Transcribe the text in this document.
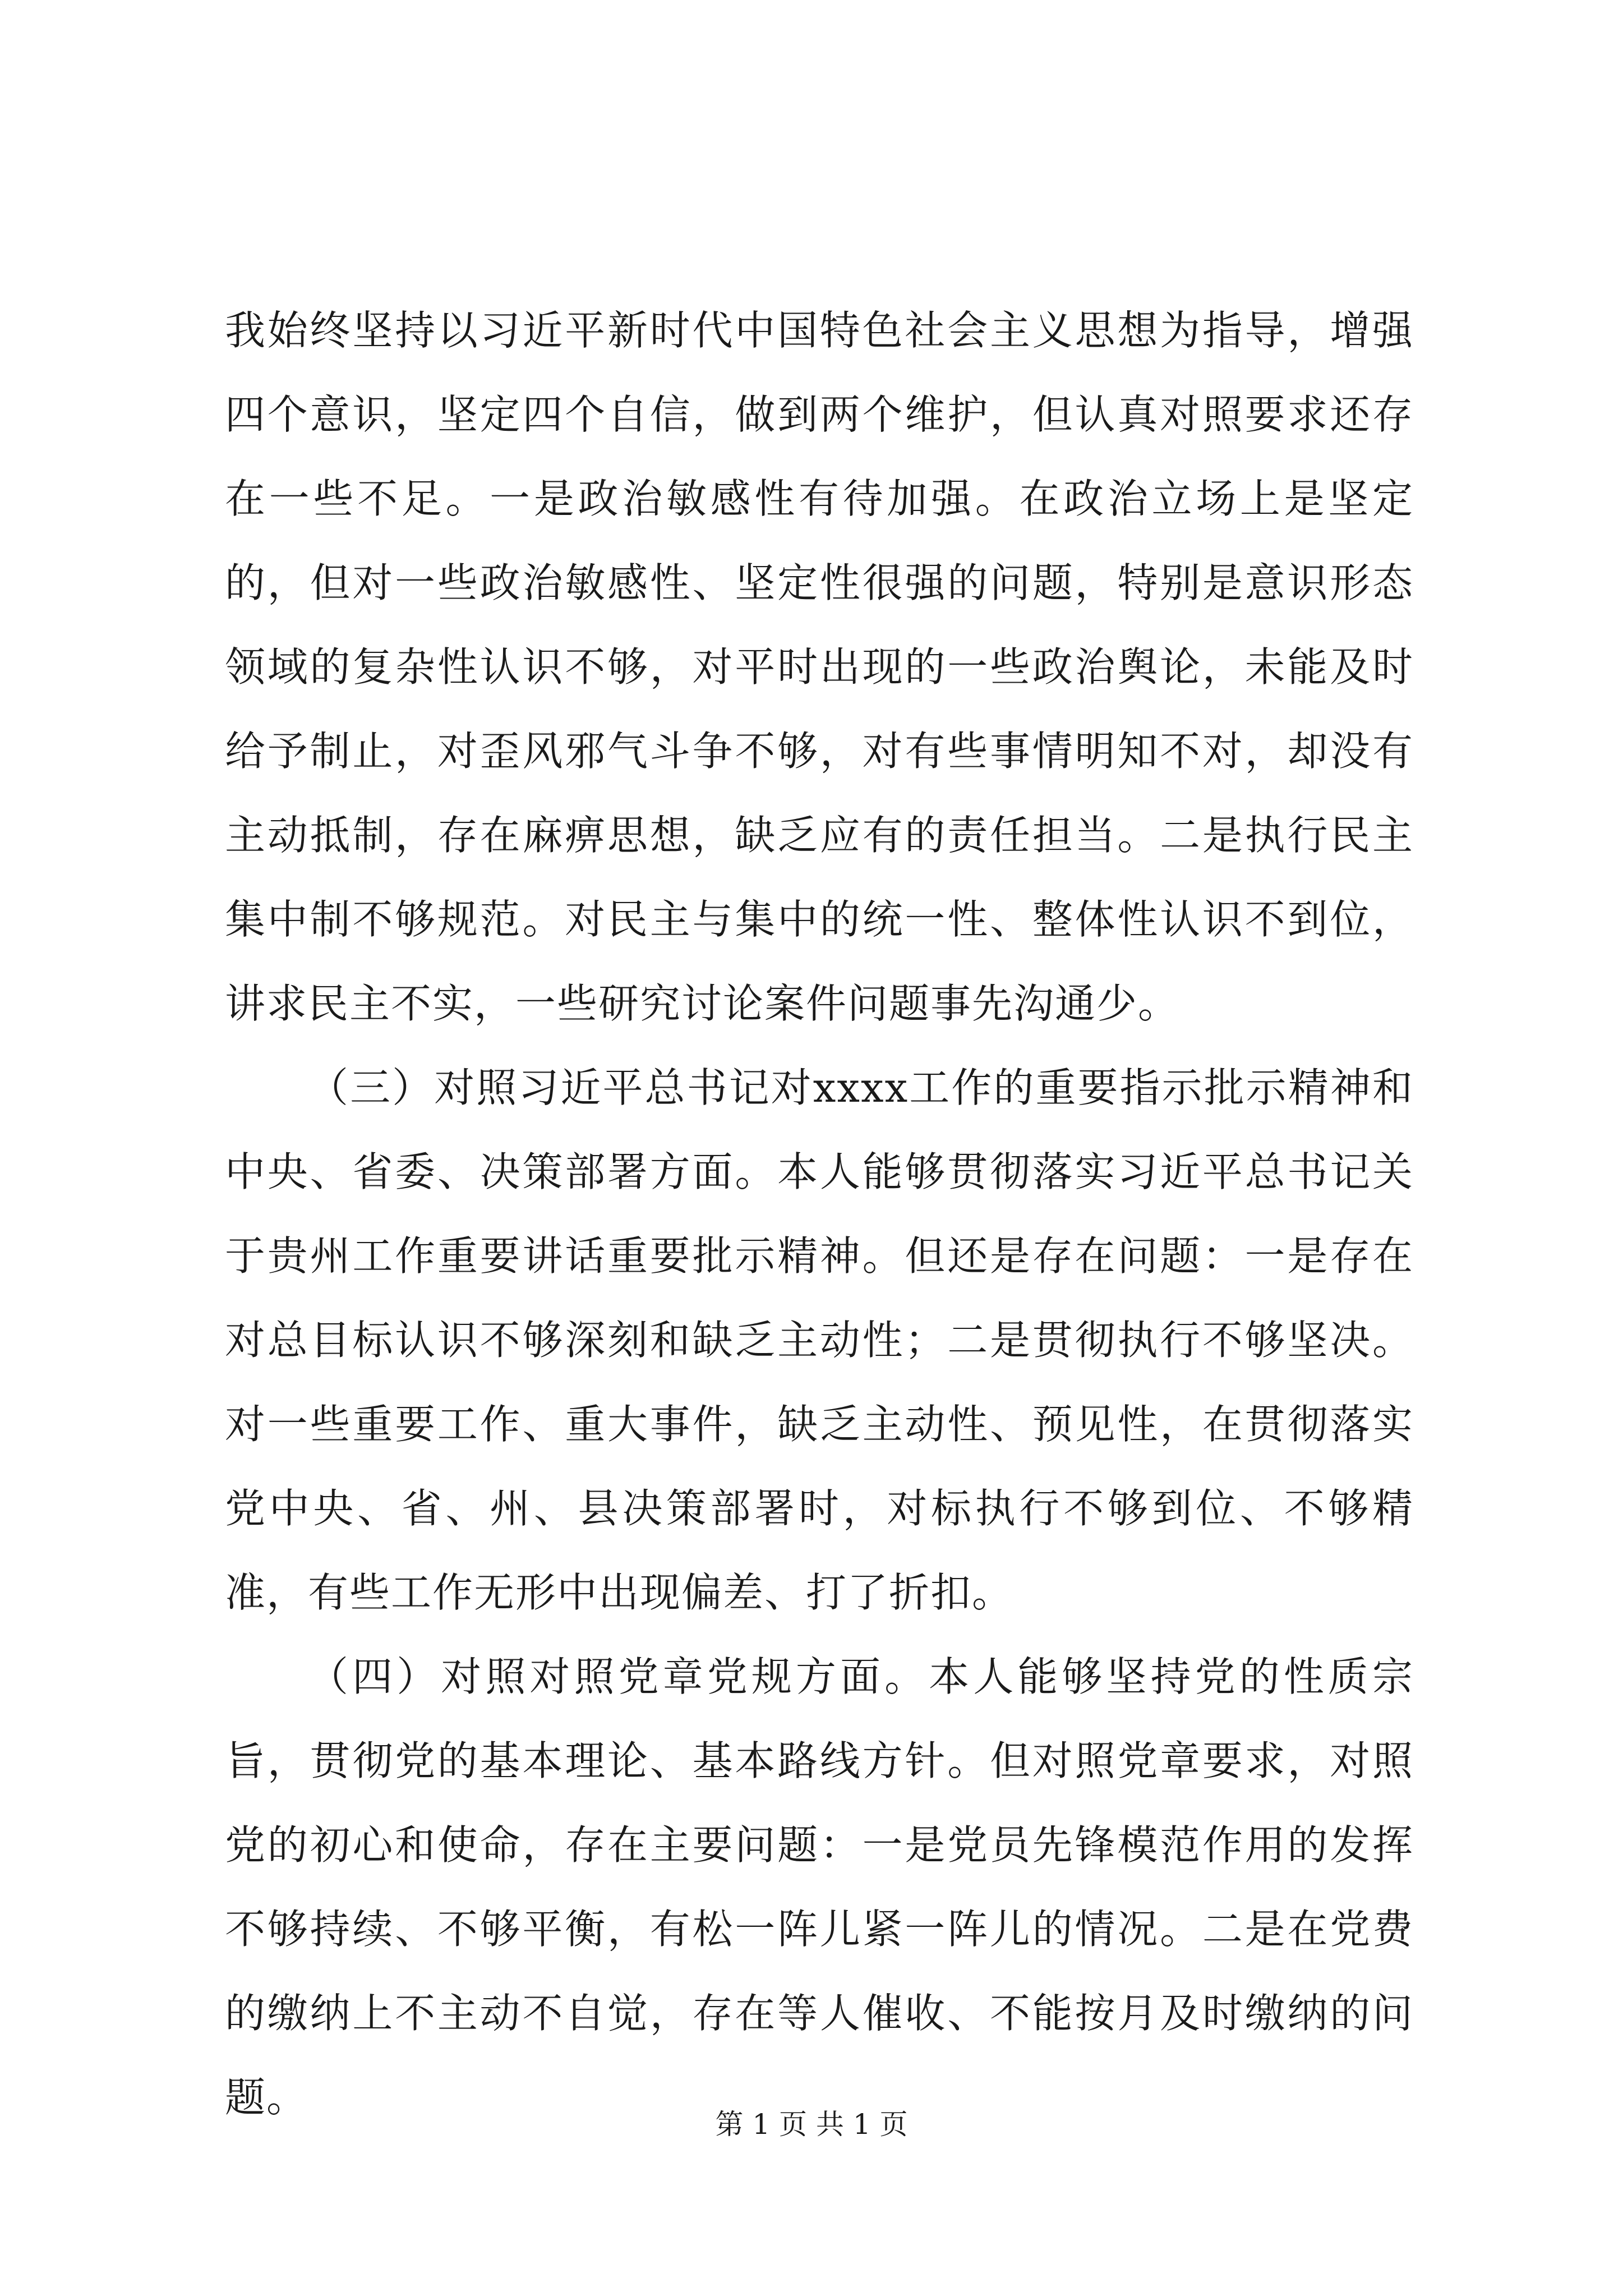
我始终坚持以习近平新时代中国特色社会主义思想为指导，增强四个意识，坚定四个自信，做到两个维护，但认真对照要求还存在一些不足。一是政治敏感性有待加强。在政治立场上是坚定的，但对一些政治敏感性、坚定性很强的问题，特别是意识形态领域的复杂性认识不够，对平时出现的一些政治舆论，未能及时给予制止，对歪风邪气斗争不够，对有些事情明知不对，却没有主动抵制，存在麻痹思想，缺乏应有的责任担当。二是执行民主集中制不够规范。对民主与集中的统一性、整体性认识不到位，讲求民主不实，一些研究讨论案件问题事先沟通少。

（三）对照习近平总书记对xxxx工作的重要指示批示精神和中央、省委、决策部署方面。本人能够贯彻落实习近平总书记关于贵州工作重要讲话重要批示精神。但还是存在问题：一是存在对总目标认识不够深刻和缺乏主动性；二是贯彻执行不够坚决。对一些重要工作、重大事件，缺乏主动性、预见性，在贯彻落实党中央、省、州、县决策部署时，对标执行不够到位、不够精准，有些工作无形中出现偏差、打了折扣。

（四）对照对照党章党规方面。本人能够坚持党的性质宗旨，贯彻党的基本理论、基本路线方针。但对照党章要求，对照党的初心和使命，存在主要问题：一是党员先锋模范作用的发挥不够持续、不够平衡，有松一阵儿紧一阵儿的情况。二是在党费的缴纳上不主动不自觉，存在等人催收、不能按月及时缴纳的问题。

第 1 页 共 1 页
